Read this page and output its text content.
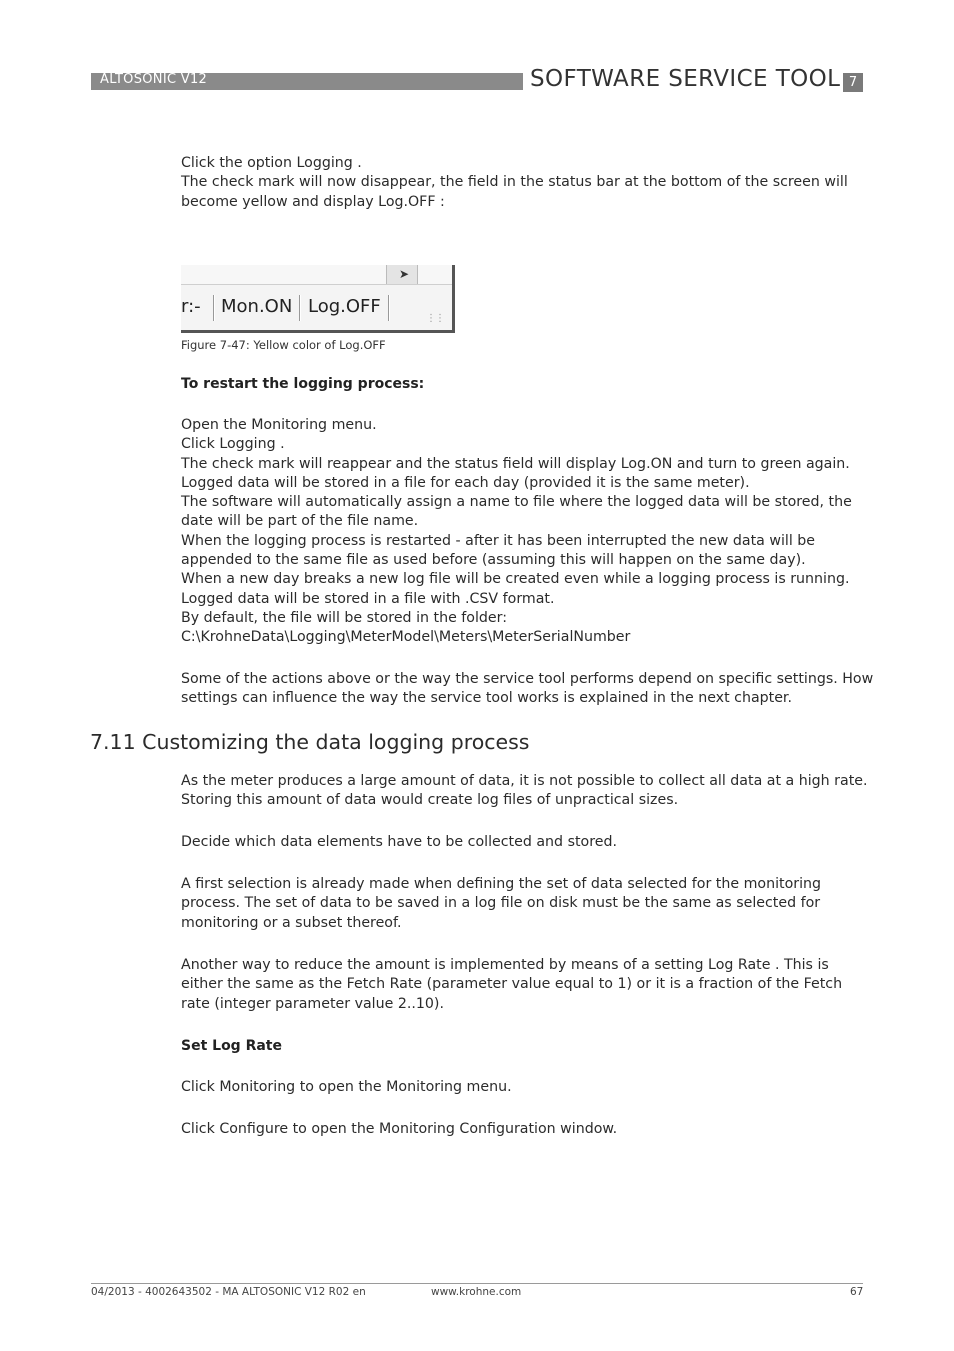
ALTOSONIC V12	SOFTWARE SERVICE TOOL 7
Click the option Logging .
The check mark will now disappear, the field in the status bar at the bottom of the screen will
become yellow and display Log.OFF :
➤
r:- Mon.ON Log.OFF
⋮⋮
Figure 7-47: Yellow color of Log.OFF
To restart the logging process:
Open the Monitoring menu.
Click Logging .
The check mark will reappear and the status field will display Log.ON and turn to green again.
Logged data will be stored in a file for each day (provided it is the same meter).
The software will automatically assign a name to file where the logged data will be stored, the
date will be part of the file name.
When the logging process is restarted - after it has been interrupted the new data will be
appended to the same file as used before (assuming this will happen on the same day).
When a new day breaks a new log file will be created even while a logging process is running.
Logged data will be stored in a file with .CSV format.
By default, the file will be stored in the folder:
C:\KrohneData\Logging\MeterModel\Meters\MeterSerialNumber
Some of the actions above or the way the service tool performs depend on specific settings. How
settings can influence the way the service tool works is explained in the next chapter.
7.11 Customizing the data logging process
As the meter produces a large amount of data, it is not possible to collect all data at a high rate.
Storing this amount of data would create log files of unpractical sizes.
Decide which data elements have to be collected and stored.
A first selection is already made when defining the set of data selected for the monitoring
process. The set of data to be saved in a log file on disk must be the same as selected for
monitoring or a subset thereof.
Another way to reduce the amount is implemented by means of a setting Log Rate . This is
either the same as the Fetch Rate (parameter value equal to 1) or it is a fraction of the Fetch
rate (integer parameter value 2..10).
Set Log Rate
Click Monitoring to open the Monitoring menu.
Click Configure to open the Monitoring Configuration window.
04/2013 - 4002643502 - MA ALTOSONIC V12 R02 en	www.krohne.com	67
